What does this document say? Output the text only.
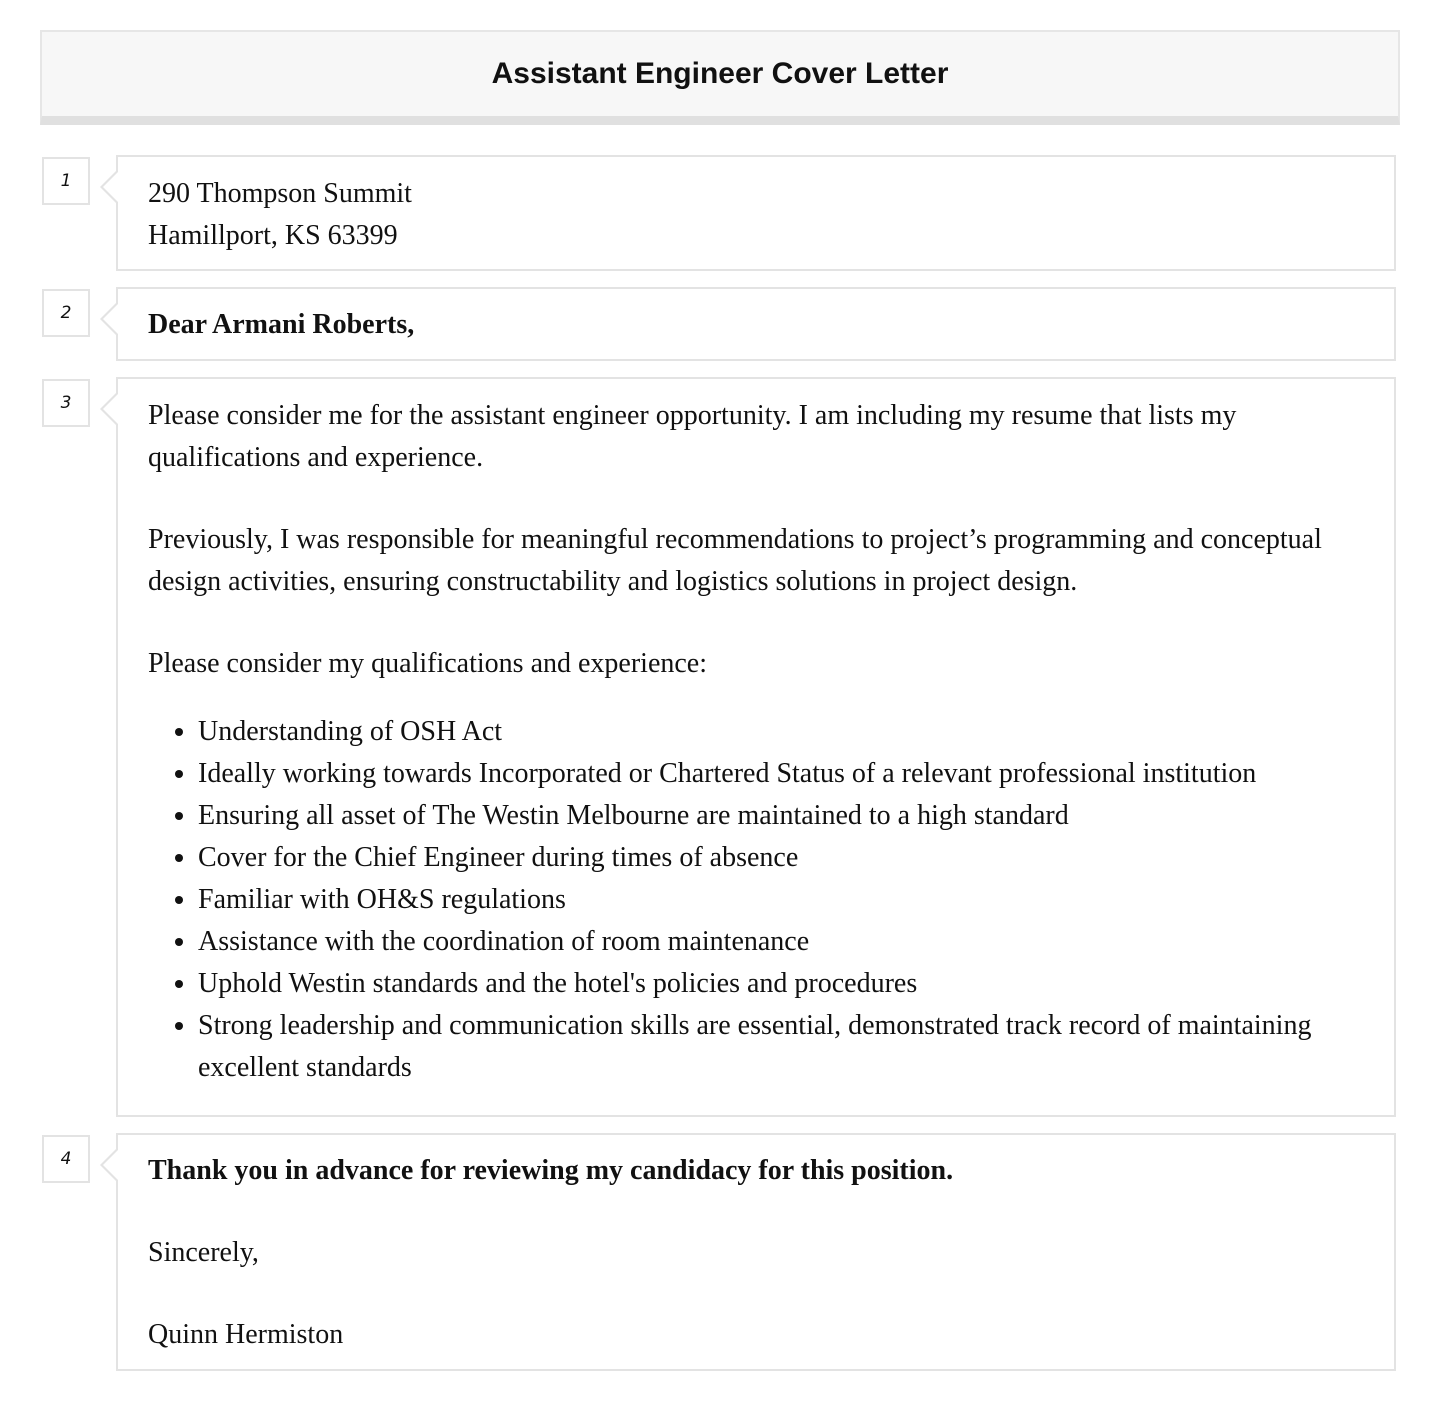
Assistant Engineer Cover Letter
1	290 Thompson Summit

Hamillport, KS 63399

2	Dear Armani Roberts,

3	Please consider me for the assistant engineer opportunity. I am including my resume that lists my qualifications and experience.

Previously, I was responsible for meaningful recommendations to project’s programming and conceptual design activities, ensuring constructability and logistics solutions in project design.

Please consider my qualifications and experience:

• Understanding of OSH Act
• Ideally working towards Incorporated or Chartered Status of a relevant professional institution
• Ensuring all asset of The Westin Melbourne are maintained to a high standard
• Cover for the Chief Engineer during times of absence
• Familiar with OH&S regulations
• Assistance with the coordination of room maintenance
• Uphold Westin standards and the hotel's policies and procedures
• Strong leadership and communication skills are essential, demonstrated track record of maintaining excellent standards
4	Thank you in advance for reviewing my candidacy for this position.

Sincerely,

Quinn Hermiston
